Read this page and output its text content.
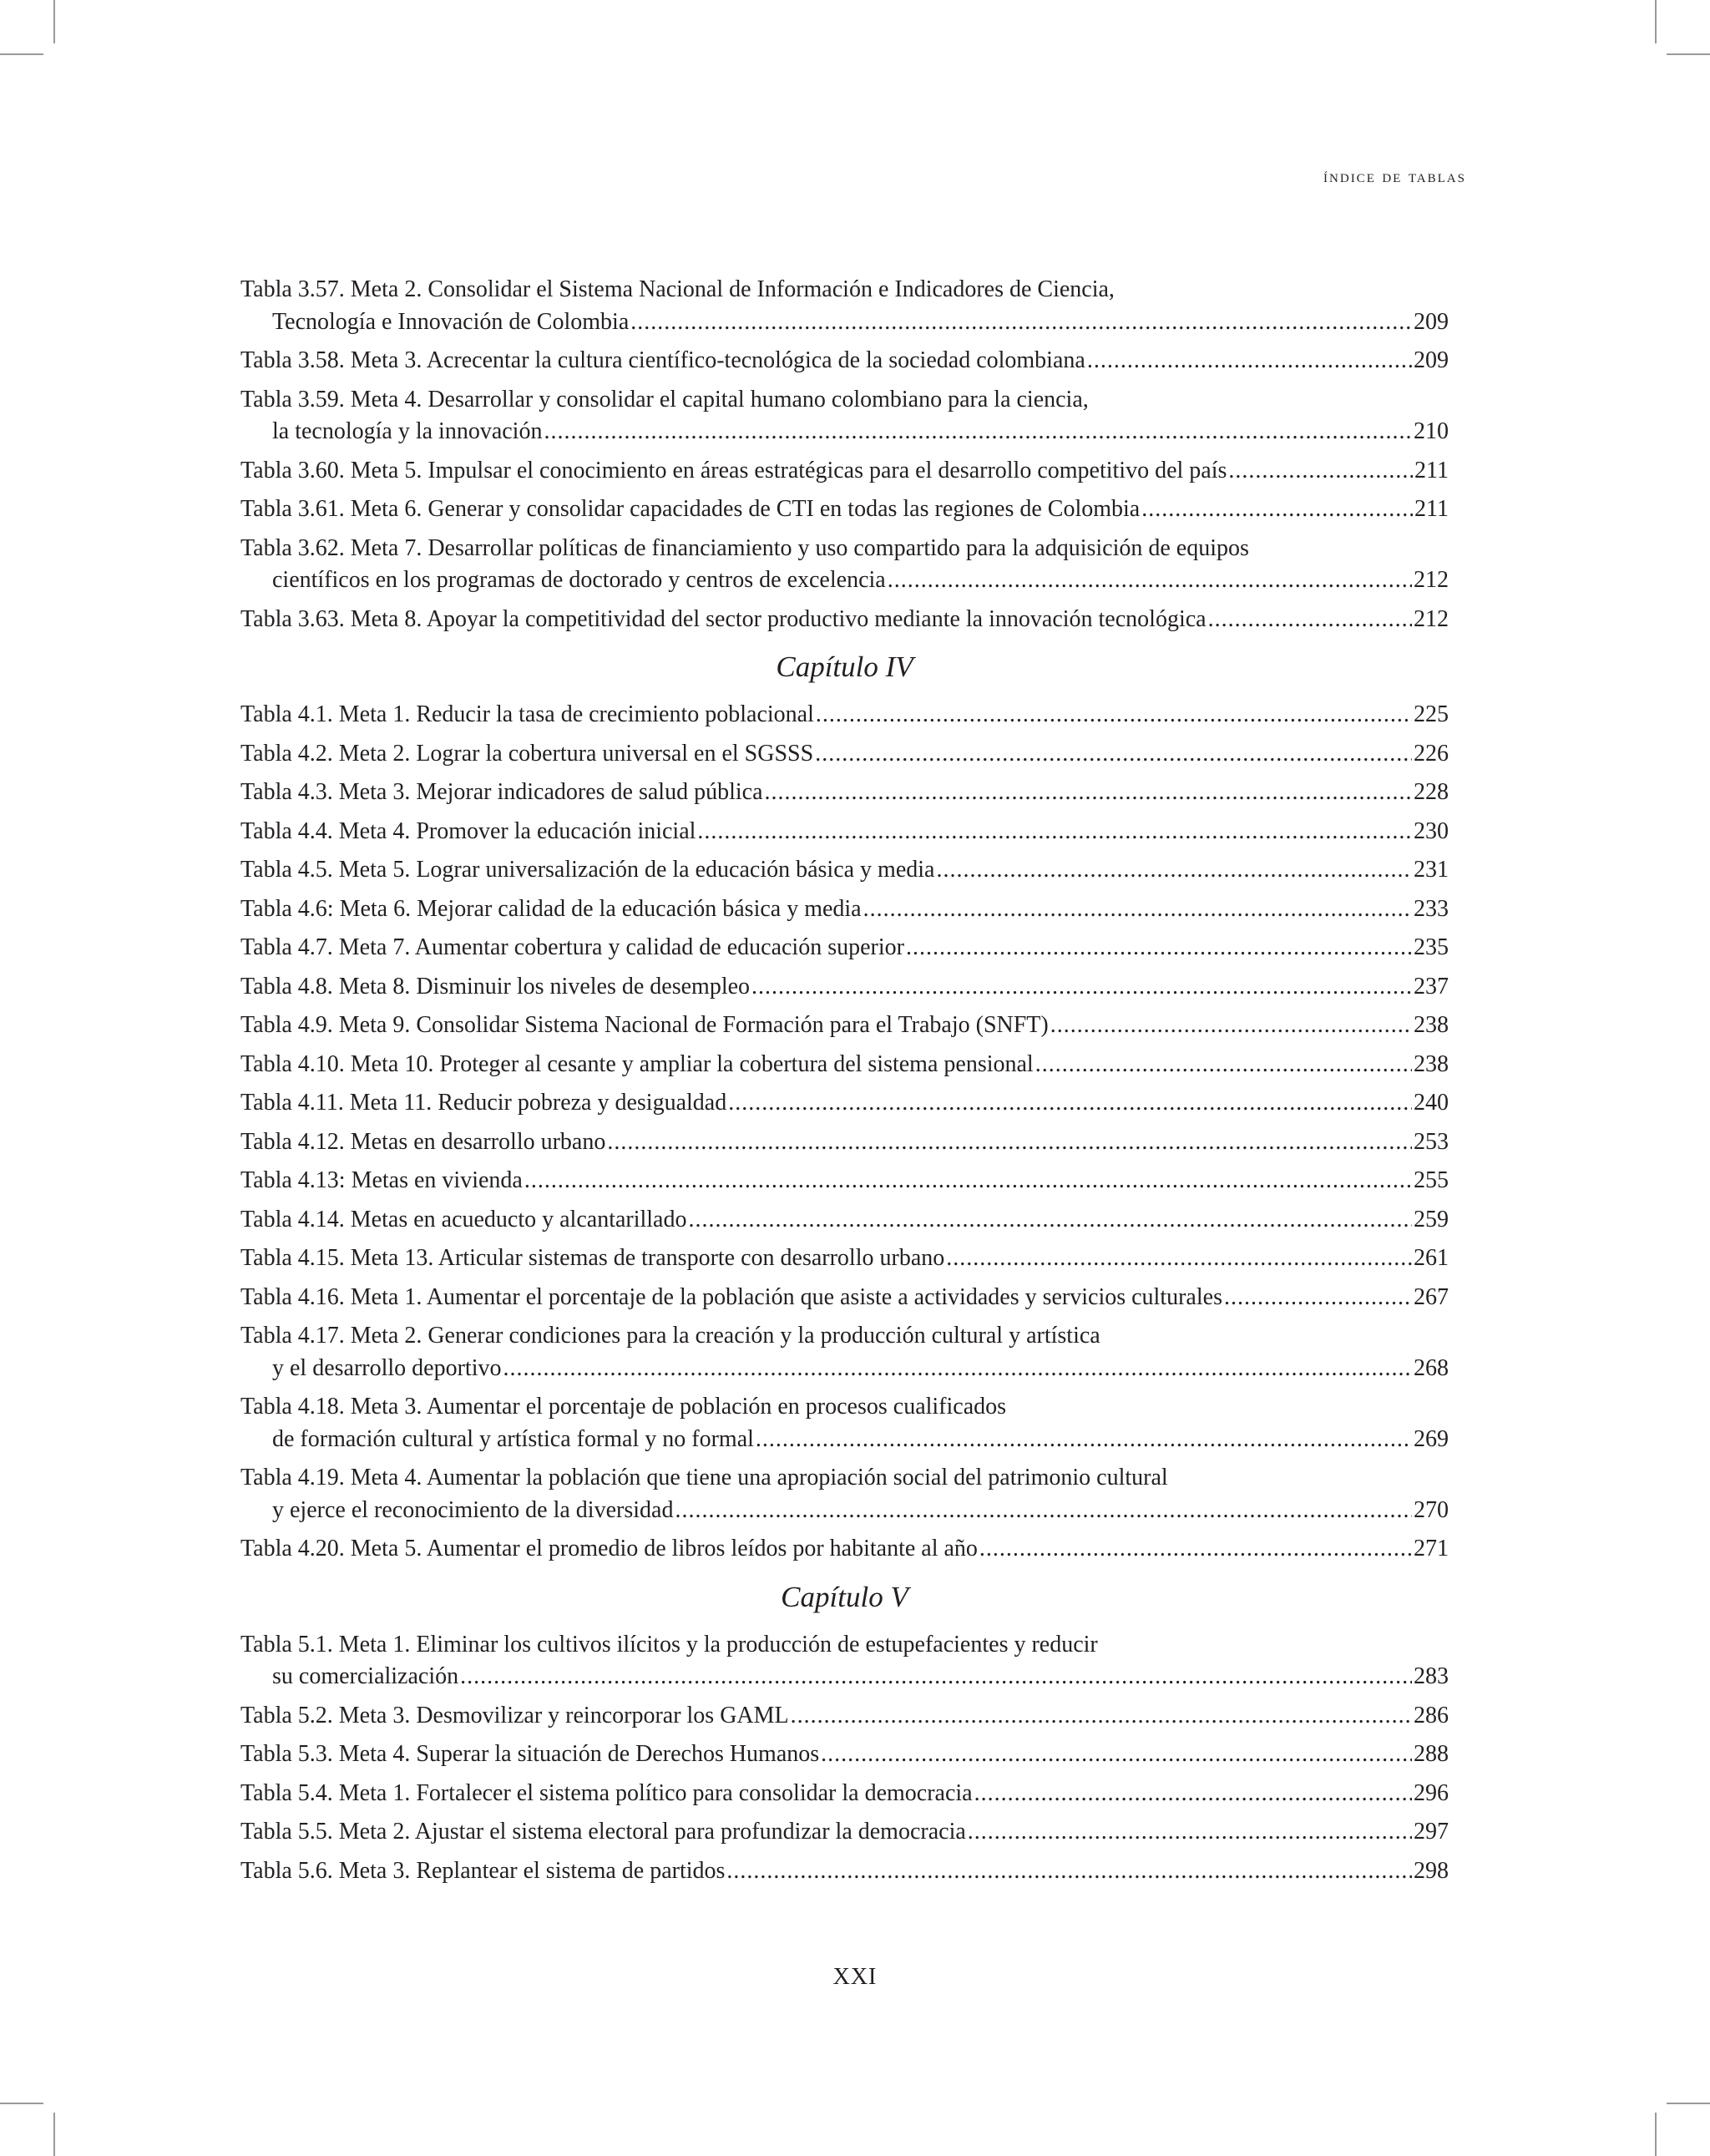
índice de tablas
Tabla 3.57. Meta 2. Consolidar el Sistema Nacional de Información e Indicadores de Ciencia,
Tecnología e Innovación de Colombia .....	209
Tabla 3.58. Meta 3. Acrecentar la cultura científico-tecnológica de la sociedad colombiana .....	209
Tabla 3.59. Meta 4. Desarrollar y consolidar el capital humano colombiano para la ciencia,
la tecnología y la innovación .....	210
Tabla 3.60. Meta 5. Impulsar el conocimiento en áreas estratégicas para el desarrollo competitivo del país .....	211
Tabla 3.61. Meta 6. Generar y consolidar capacidades de CTI en todas las regiones de Colombia .....	211
Tabla 3.62. Meta 7. Desarrollar políticas de financiamiento y uso compartido para la adquisición de equipos
científicos en los programas de doctorado y centros de excelencia .....	212
Tabla 3.63. Meta 8. Apoyar la competitividad del sector productivo mediante la innovación tecnológica .....	212
Capítulo IV
Tabla 4.1. Meta 1. Reducir la tasa de crecimiento poblacional .....	225
Tabla 4.2. Meta 2. Lograr la cobertura universal en el SGSSS .....	226
Tabla 4.3. Meta 3. Mejorar indicadores de salud pública .....	228
Tabla 4.4. Meta 4. Promover la educación inicial .....	230
Tabla 4.5. Meta 5. Lograr universalización de la educación básica y media .....	231
Tabla 4.6: Meta 6. Mejorar calidad de la educación básica y media .....	233
Tabla 4.7. Meta 7. Aumentar cobertura y calidad de educación superior .....	235
Tabla 4.8. Meta 8. Disminuir los niveles de desempleo .....	237
Tabla 4.9. Meta 9. Consolidar Sistema Nacional de Formación para el Trabajo (SNFT) .....	238
Tabla 4.10. Meta 10. Proteger al cesante y ampliar la cobertura del sistema pensional .....	238
Tabla 4.11. Meta 11. Reducir pobreza y desigualdad .....	240
Tabla 4.12. Metas en desarrollo urbano .....	253
Tabla 4.13: Metas en vivienda .....	255
Tabla 4.14. Metas en acueducto y alcantarillado .....	259
Tabla 4.15. Meta 13. Articular sistemas de transporte con desarrollo urbano .....	261
Tabla 4.16. Meta 1. Aumentar el porcentaje de la población que asiste a actividades y servicios culturales .....	267
Tabla 4.17. Meta 2. Generar condiciones para la creación y la producción cultural y artística
y el desarrollo deportivo .....	268
Tabla 4.18. Meta 3. Aumentar el porcentaje de población en procesos cualificados
de formación cultural y artística formal y no formal .....	269
Tabla 4.19. Meta 4. Aumentar la población que tiene una apropiación social del patrimonio cultural
y ejerce el reconocimiento de la diversidad .....	270
Tabla 4.20. Meta 5. Aumentar el promedio de libros leídos por habitante al año .....	271
Capítulo V
Tabla 5.1. Meta 1. Eliminar los cultivos ilícitos y la producción de estupefacientes y reducir
su comercialización .....	283
Tabla 5.2. Meta 3. Desmovilizar y reincorporar los GAML .....	286
Tabla 5.3. Meta 4. Superar la situación de Derechos Humanos .....	288
Tabla 5.4. Meta 1. Fortalecer el sistema político para consolidar la democracia .....	296
Tabla 5.5. Meta 2. Ajustar el sistema electoral para profundizar la democracia .....	297
Tabla 5.6. Meta 3. Replantear el sistema de partidos .....	298
XXI
